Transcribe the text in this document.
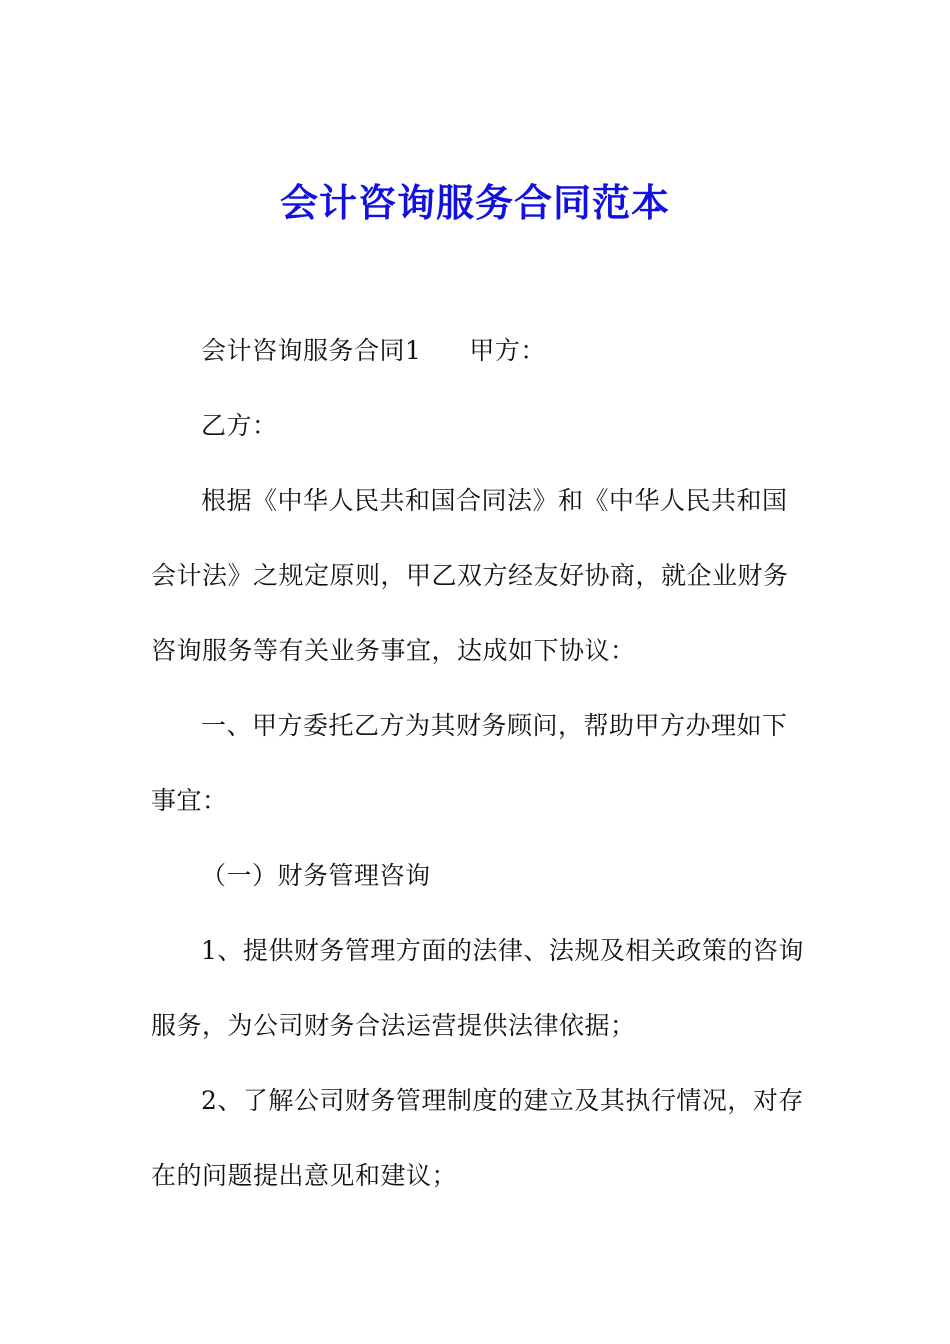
会计咨询服务合同范本
会计咨询服务合同1 甲方：
乙方：
根据《中华人民共和国合同法》和《中华人民共和国
会计法》之规定原则，甲乙双方经友好协商，就企业财务
咨询服务等有关业务事宜，达成如下协议：
一、甲方委托乙方为其财务顾问，帮助甲方办理如下
事宜：
（一）财务管理咨询
1、提供财务管理方面的法律、法规及相关政策的咨询
服务，为公司财务合法运营提供法律依据；
2、了解公司财务管理制度的建立及其执行情况，对存
在的问题提出意见和建议；
